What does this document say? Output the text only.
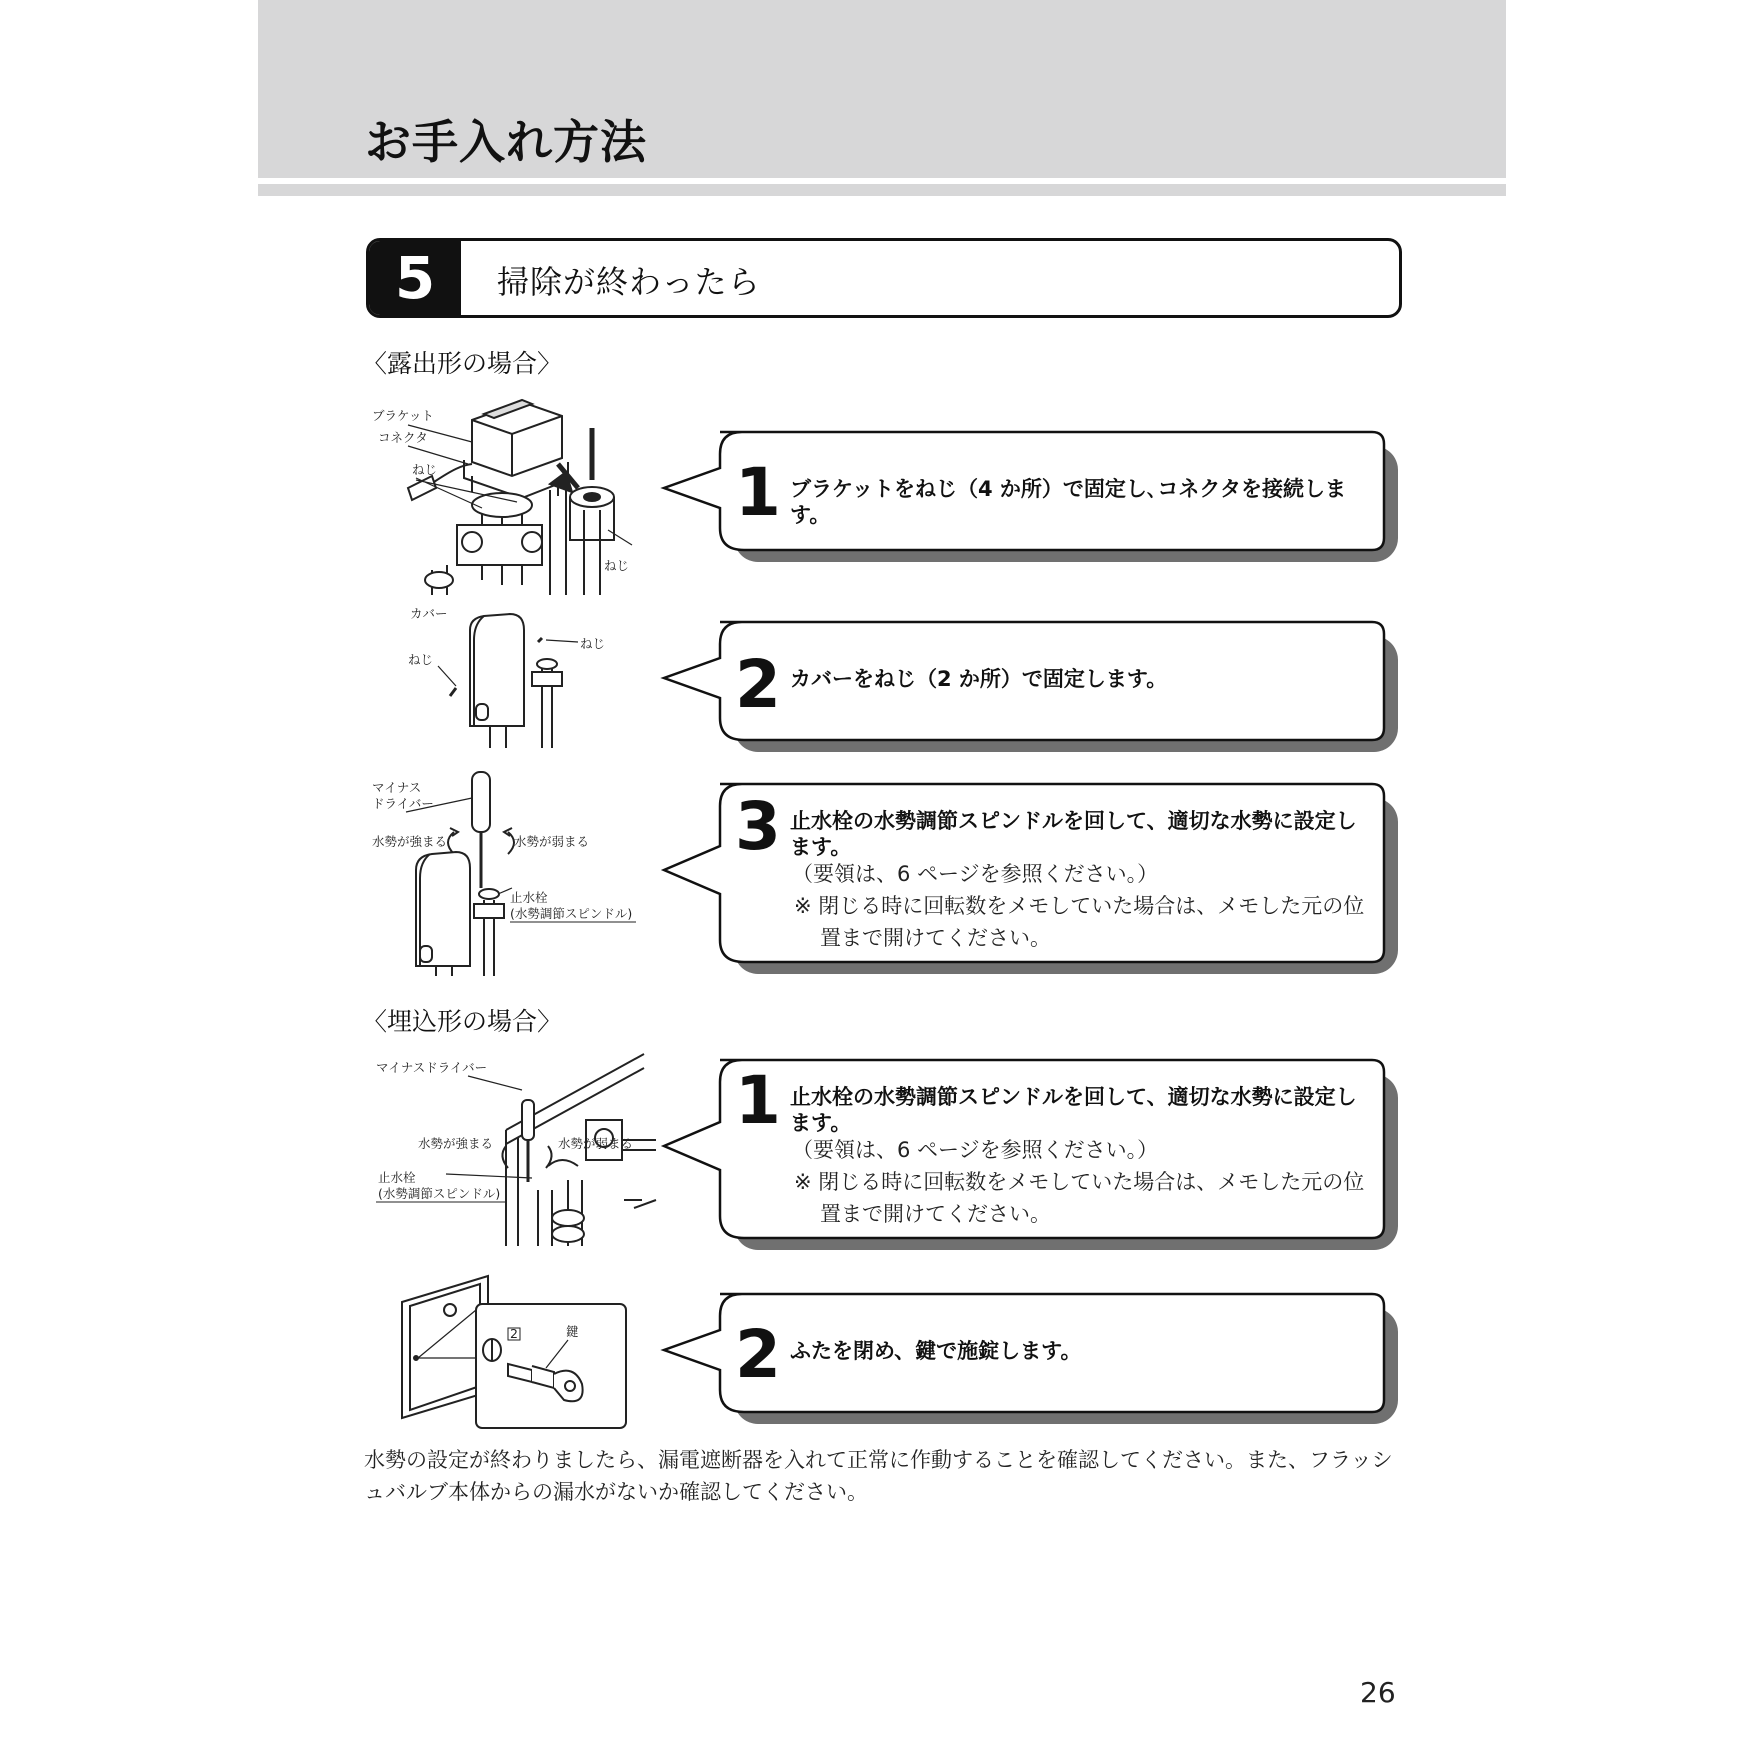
お手入れ方法
5	掃除が終わったら
〈露出形の場合〉
ブラケット
コネクタ
ねじ
ねじ
カバー
ねじ
ねじ
マイナス
ドライバー
水勢が強まる	水勢が弱まる
止水栓
(水勢調節スピンドル)
1 ブラケットをねじ（4 か所）で固定し､コネクタを接続します。
2 カバーをねじ（2 か所）で固定します。
3 止水栓の水勢調節スピンドルを回して、適切な水勢に設定します。
（要領は、6 ページを参照ください。）
※ 閉じる時に回転数をメモしていた場合は、メモした元の位置まで開けてください。
〈埋込形の場合〉
マイナスドライバー
水勢が強まる	水勢が弱まる
止水栓
(水勢調節スピンドル)
2	鍵
1 止水栓の水勢調節スピンドルを回して、適切な水勢に設定します。
（要領は、6 ページを参照ください。）
※ 閉じる時に回転数をメモしていた場合は、メモした元の位置まで開けてください。
2 ふたを閉め、鍵で施錠します。
水勢の設定が終わりましたら、漏電遮断器を入れて正常に作動することを確認してください。また、フラッシュバルブ本体からの漏水がないか確認してください。
26
